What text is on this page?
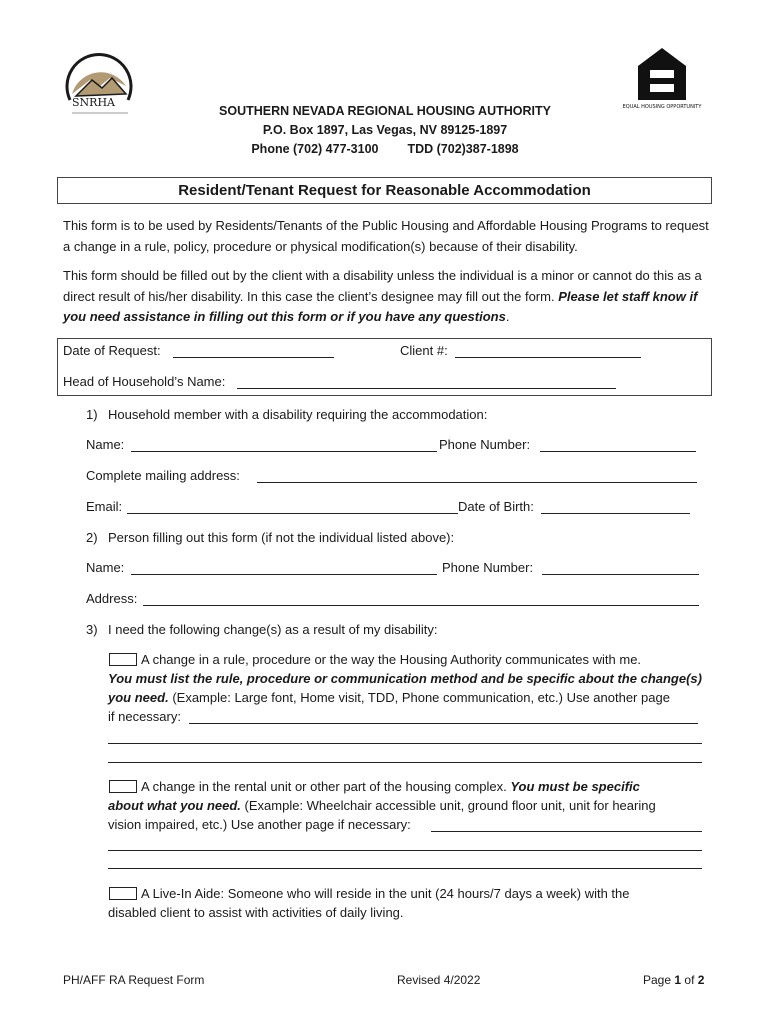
SNRHA	EQUAL HOUSING OPPORTUNITY
SOUTHERN NEVADA REGIONAL HOUSING AUTHORITY
P.O. Box 1897, Las Vegas, NV 89125-1897
Phone (702) 477-3100 TDD (702)387-1898
Resident/Tenant Request for Reasonable Accommodation
This form is to be used by Residents/Tenants of the Public Housing and Affordable Housing Programs to request a change in a rule, policy, procedure or physical modification(s) because of their disability.
This form should be filled out by the client with a disability unless the individual is a minor or cannot do this as a direct result of his/her disability. In this case the client’s designee may fill out the form. Please let staff know if you need assistance in filling out this form or if you have any questions.
Date of Request:	Client #:
Head of Household’s Name:
1) Household member with a disability requiring the accommodation:
Name:	Phone Number:
Complete mailing address:
Email:	Date of Birth:
2) Person filling out this form (if not the individual listed above):
Name:	Phone Number:
Address:
3) I need the following change(s) as a result of my disability:
A change in a rule, procedure or the way the Housing Authority communicates with me.
You must list the rule, procedure or communication method and be specific about the change(s)
you need. (Example: Large font, Home visit, TDD, Phone communication, etc.) Use another page
if necessary:
A change in the rental unit or other part of the housing complex. You must be specific
about what you need. (Example: Wheelchair accessible unit, ground floor unit, unit for hearing
vision impaired, etc.) Use another page if necessary:
A Live-In Aide: Someone who will reside in the unit (24 hours/7 days a week) with the
disabled client to assist with activities of daily living.
PH/AFF RA Request Form	Revised 4/2022	Page 1 of 2
